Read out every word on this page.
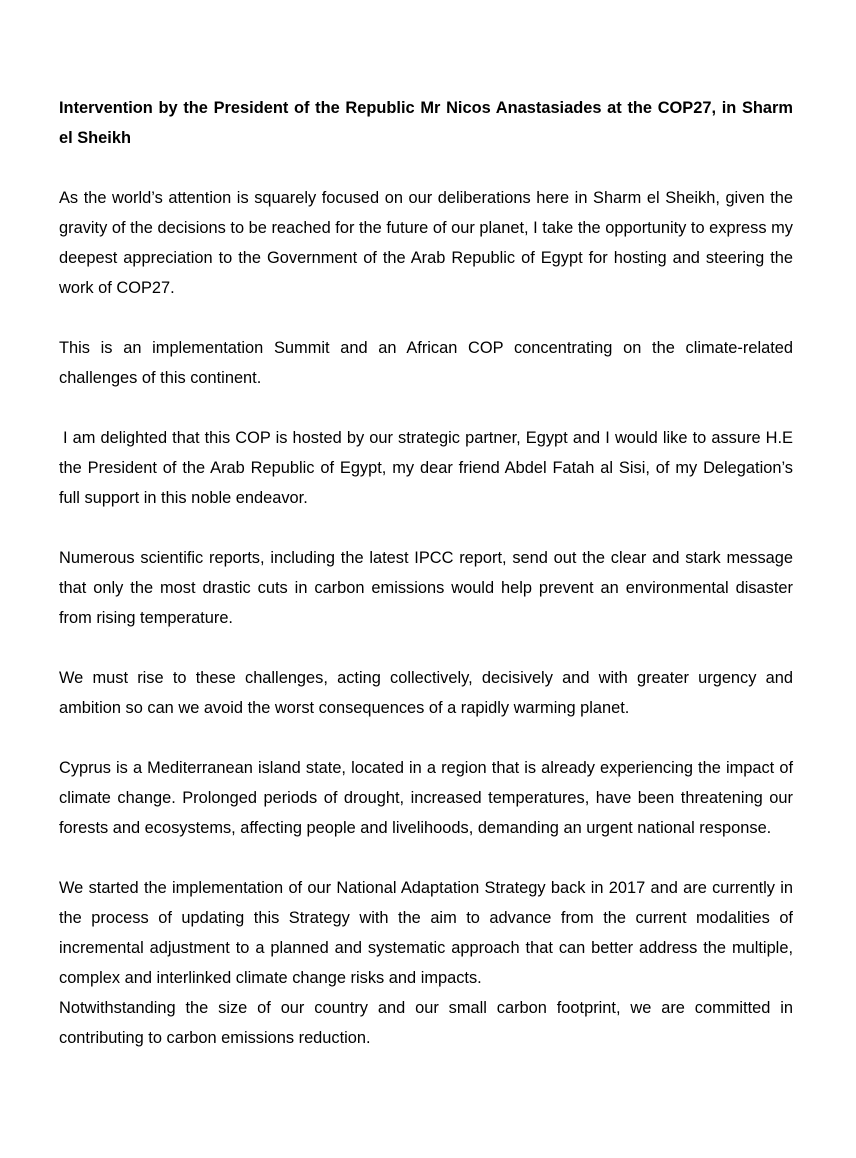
Intervention by the President of the Republic Mr Nicos Anastasiades at the COP27, in Sharm el Sheikh

As the world’s attention is squarely focused on our deliberations here in Sharm el Sheikh, given the gravity of the decisions to be reached for the future of our planet, I take the opportunity to express my deepest appreciation to the Government of the Arab Republic of Egypt for hosting and steering the work of COP27.

This is an implementation Summit and an African COP concentrating on the climate-related challenges of this continent.

I am delighted that this COP is hosted by our strategic partner, Egypt and I would like to assure H.E the President of the Arab Republic of Egypt, my dear friend Abdel Fatah al Sisi, of my Delegation’s full support in this noble endeavor.

Numerous scientific reports, including the latest IPCC report, send out the clear and stark message that only the most drastic cuts in carbon emissions would help prevent an environmental disaster from rising temperature.

We must rise to these challenges, acting collectively, decisively and with greater urgency and ambition so can we avoid the worst consequences of a rapidly warming planet.

Cyprus is a Mediterranean island state, located in a region that is already experiencing the impact of climate change. Prolonged periods of drought, increased temperatures, have been threatening our forests and ecosystems, affecting people and livelihoods, demanding an urgent national response.

We started the implementation of our National Adaptation Strategy back in 2017 and are currently in the process of updating this Strategy with the aim to advance from the current modalities of incremental adjustment to a planned and systematic approach that can better address the multiple, complex and interlinked climate change risks and impacts.

Notwithstanding the size of our country and our small carbon footprint, we are committed in contributing to carbon emissions reduction.
